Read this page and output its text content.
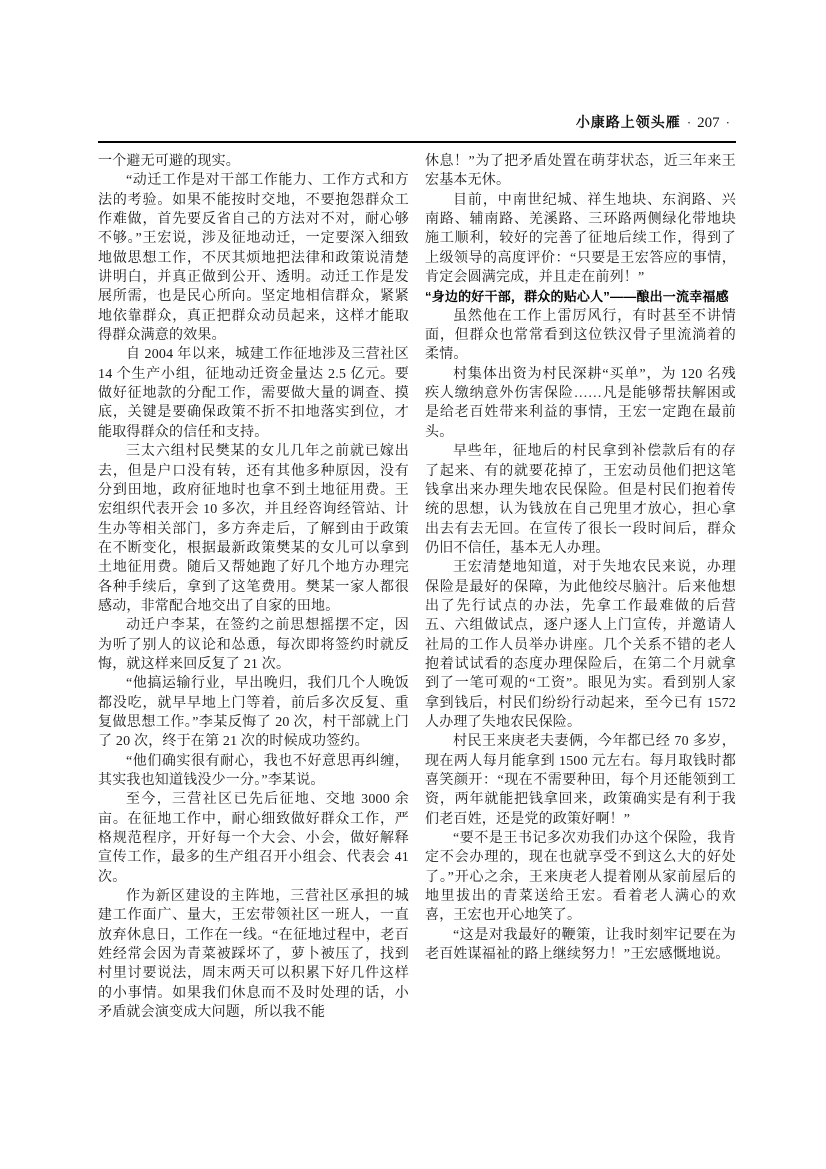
小康路上领头雁 · 207 ·

一个避无可避的现实。

“动迁工作是对干部工作能力、工作方式和方法的考验。如果不能按时交地，不要抱怨群众工作难做，首先要反省自己的方法对不对，耐心够不够。”王宏说，涉及征地动迁，一定要深入细致地做思想工作，不厌其烦地把法律和政策说清楚讲明白，并真正做到公开、透明。动迁工作是发展所需，也是民心所向。坚定地相信群众，紧紧地依靠群众，真正把群众动员起来，这样才能取得群众满意的效果。

自 2004 年以来，城建工作征地涉及三营社区 14 个生产小组，征地动迁资金量达 2.5 亿元。要做好征地款的分配工作，需要做大量的调查、摸底，关键是要确保政策不折不扣地落实到位，才能取得群众的信任和支持。

三太六组村民樊某的女儿几年之前就已嫁出去，但是户口没有转，还有其他多种原因，没有分到田地，政府征地时也拿不到土地征用费。王宏组织代表开会 10 多次，并且经咨询经管站、计生办等相关部门，多方奔走后，了解到由于政策在不断变化，根据最新政策樊某的女儿可以拿到土地征用费。随后又帮她跑了好几个地方办理完各种手续后，拿到了这笔费用。樊某一家人都很感动，非常配合地交出了自家的田地。

动迁户李某，在签约之前思想摇摆不定，因为听了别人的议论和怂恿，每次即将签约时就反悔，就这样来回反复了 21 次。

“他搞运输行业，早出晚归，我们几个人晚饭都没吃，就早早地上门等着，前后多次反复、重复做思想工作。”李某反悔了 20 次，村干部就上门了 20 次，终于在第 21 次的时候成功签约。

“他们确实很有耐心，我也不好意思再纠缠，其实我也知道钱没少一分。”李某说。

至今，三营社区已先后征地、交地 3000 余亩。在征地工作中，耐心细致做好群众工作，严格规范程序，开好每一个大会、小会，做好解释宣传工作，最多的生产组召开小组会、代表会 41 次。

作为新区建设的主阵地，三营社区承担的城建工作面广、量大，王宏带领社区一班人，一直放弃休息日，工作在一线。“在征地过程中，老百姓经常会因为青菜被踩坏了，萝卜被压了，找到村里讨要说法，周末两天可以积累下好几件这样的小事情。如果我们休息而不及时处理的话，小矛盾就会演变成大问题，所以我不能

休息！”为了把矛盾处置在萌芽状态，近三年来王宏基本无休。

目前，中南世纪城、祥生地块、东润路、兴南路、辅南路、羌溪路、三环路两侧绿化带地块施工顺利，较好的完善了征地后续工作，得到了上级领导的高度评价：“只要是王宏答应的事情，肯定会圆满完成，并且走在前列！”

“身边的好干部，群众的贴心人”——酿出一流幸福感

虽然他在工作上雷厉风行，有时甚至不讲情面，但群众也常常看到这位铁汉骨子里流淌着的柔情。

村集体出资为村民深耕“买单”，为 120 名残疾人缴纳意外伤害保险……凡是能够帮扶解困或是给老百姓带来利益的事情，王宏一定跑在最前头。

早些年，征地后的村民拿到补偿款后有的存了起来、有的就要花掉了，王宏动员他们把这笔钱拿出来办理失地农民保险。但是村民们抱着传统的思想，认为钱放在自己兜里才放心，担心拿出去有去无回。在宣传了很长一段时间后，群众仍旧不信任，基本无人办理。

王宏清楚地知道，对于失地农民来说，办理保险是最好的保障，为此他绞尽脑汁。后来他想出了先行试点的办法，先拿工作最难做的后营五、六组做试点，逐户逐人上门宣传，并邀请人社局的工作人员举办讲座。几个关系不错的老人抱着试试看的态度办理保险后，在第二个月就拿到了一笔可观的“工资”。眼见为实。看到别人家拿到钱后，村民们纷纷行动起来，至今已有 1572 人办理了失地农民保险。

村民王来庚老夫妻俩，今年都已经 70 多岁，现在两人每月能拿到 1500 元左右。每月取钱时都喜笑颜开：“现在不需要种田，每个月还能领到工资，两年就能把钱拿回来，政策确实是有利于我们老百姓，还是党的政策好啊！”

“要不是王书记多次劝我们办这个保险，我肯定不会办理的，现在也就享受不到这么大的好处了。”开心之余，王来庚老人提着刚从家前屋后的地里拔出的青菜送给王宏。看着老人满心的欢喜，王宏也开心地笑了。

“这是对我最好的鞭策，让我时刻牢记要在为老百姓谋福祉的路上继续努力！”王宏感慨地说。
